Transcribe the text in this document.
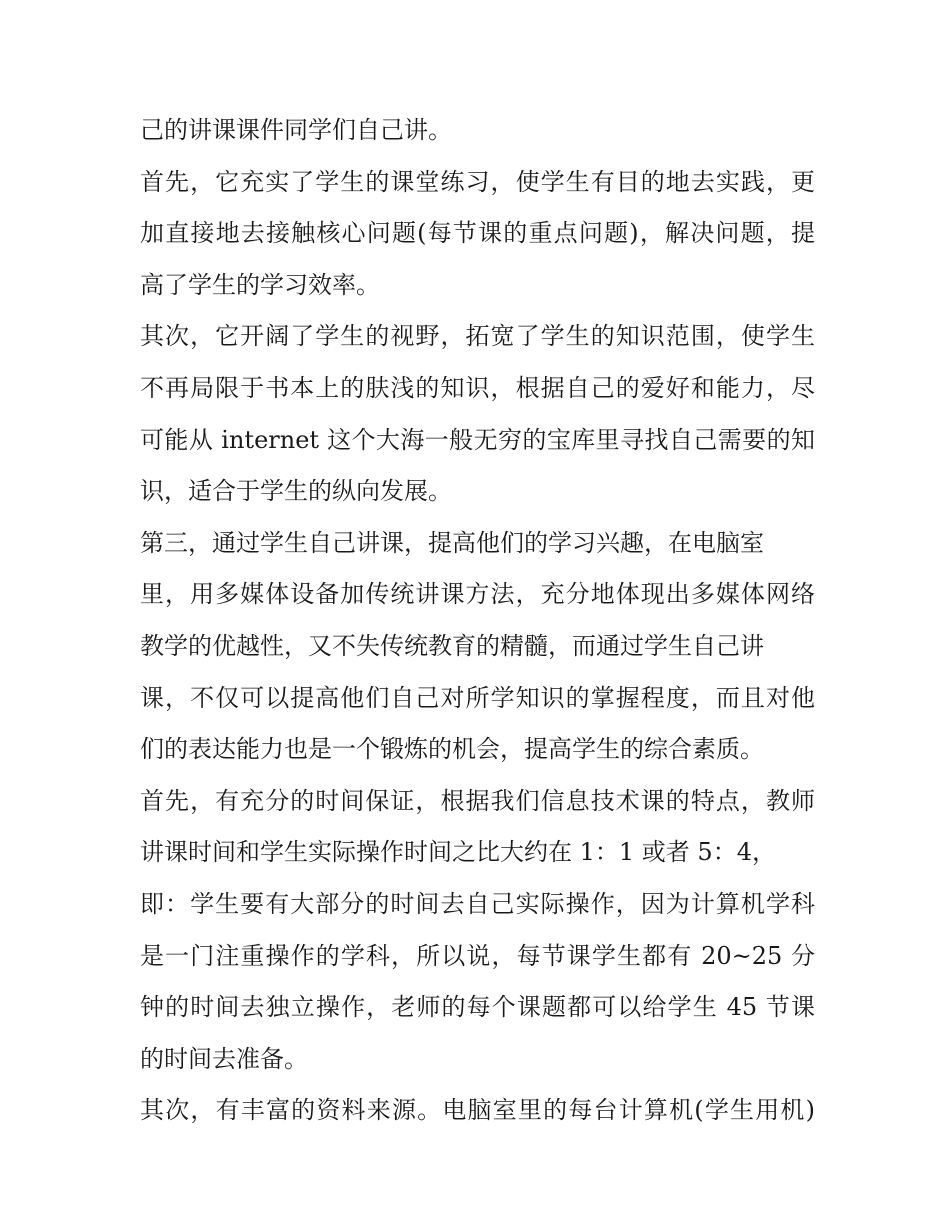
己的讲课课件同学们自己讲。
首先，它充实了学生的课堂练习，使学生有目的地去实践，更
加直接地去接触核心问题(每节课的重点问题)，解决问题，提
高了学生的学习效率。
其次，它开阔了学生的视野，拓宽了学生的知识范围，使学生
不再局限于书本上的肤浅的知识，根据自己的爱好和能力，尽
可能从 internet 这个大海一般无穷的宝库里寻找自己需要的知
识，适合于学生的纵向发展。
第三，通过学生自己讲课，提高他们的学习兴趣，在电脑室
里，用多媒体设备加传统讲课方法，充分地体现出多媒体网络
教学的优越性，又不失传统教育的精髓，而通过学生自己讲
课，不仅可以提高他们自己对所学知识的掌握程度，而且对他
们的表达能力也是一个锻炼的机会，提高学生的综合素质。
首先，有充分的时间保证，根据我们信息技术课的特点，教师
讲课时间和学生实际操作时间之比大约在 1：1 或者 5：4，
即：学生要有大部分的时间去自己实际操作，因为计算机学科
是一门注重操作的学科，所以说，每节课学生都有 20~25 分
钟的时间去独立操作，老师的每个课题都可以给学生 45 节课
的时间去准备。
其次，有丰富的资料来源。电脑室里的每台计算机(学生用机)
